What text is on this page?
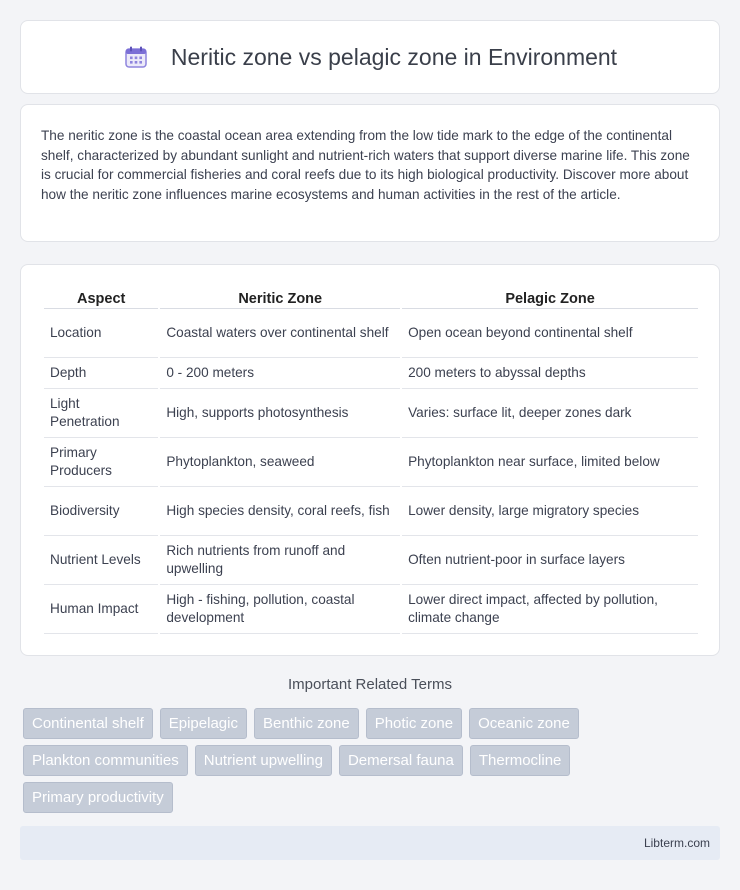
Neritic zone vs pelagic zone in Environment

The neritic zone is the coastal ocean area extending from the low tide mark to the edge of the continental shelf, characterized by abundant sunlight and nutrient-rich waters that support diverse marine life. This zone is crucial for commercial fisheries and coral reefs due to its high biological productivity. Discover more about how the neritic zone influences marine ecosystems and human activities in the rest of the article.

Aspect	Neritic Zone	Pelagic Zone
Location	Coastal waters over continental shelf	Open ocean beyond continental shelf
Depth	0 - 200 meters	200 meters to abyssal depths
Light Penetration	High, supports photosynthesis	Varies: surface lit, deeper zones dark
Primary Producers	Phytoplankton, seaweed	Phytoplankton near surface, limited below
Biodiversity	High species density, coral reefs, fish	Lower density, large migratory species
Nutrient Levels	Rich nutrients from runoff and upwelling	Often nutrient-poor in surface layers
Human Impact	High - fishing, pollution, coastal development	Lower direct impact, affected by pollution, climate change
Important Related Terms
Continental shelf	Epipelagic	Benthic zone	Photic zone	Oceanic zone
Plankton communities	Nutrient upwelling	Demersal fauna	Thermocline
Primary productivity
Libterm.com
